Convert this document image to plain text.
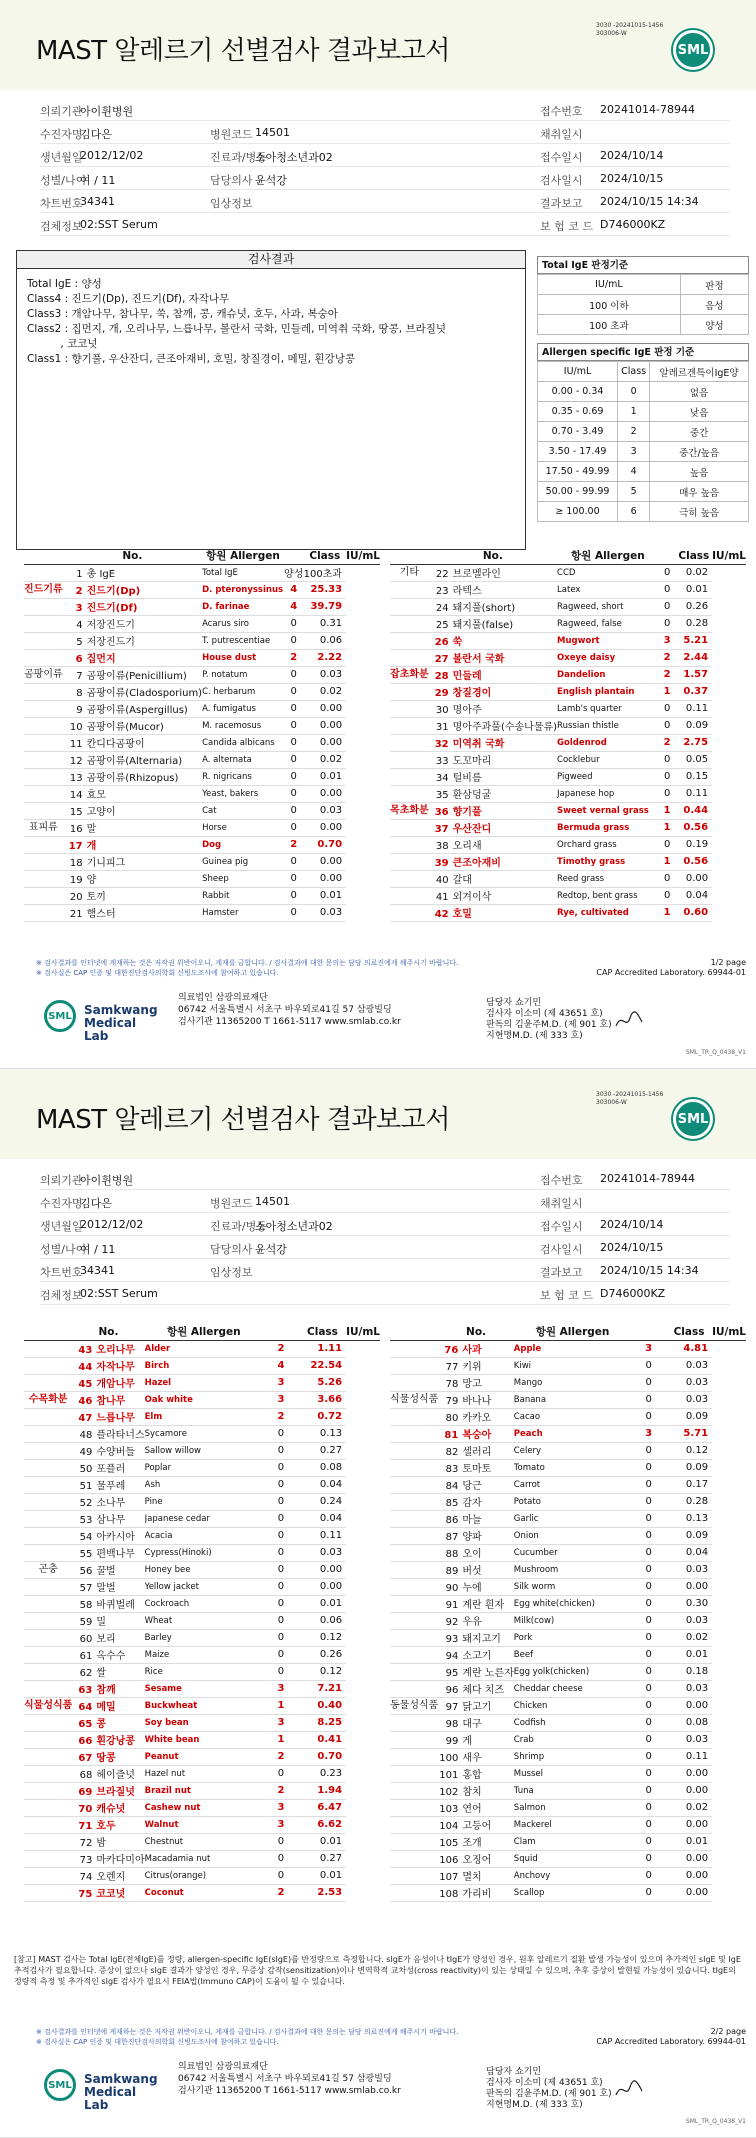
MAST 알레르기 선별검사 결과보고서
3030 -20241015-1456
303006-W
SML
의뢰기관
아이휜병원	접수번호 20241014-78944
수진자명
김다은	병원코드 14501	채취일시
생년월일
2012/12/02	진료과/병동
소아청소년과02	접수일시 2024/10/14
성별/나이
여 / 11	담당의사 윤석강	검사일시 2024/10/15
차트번호
34341	임상정보	결과보고 2024/10/15 14:34
검체정보
02:SST Serum	보 험 코 드 D746000KZ
검사결과
Total IgE : 양성
Class4 : 진드기(Dp), 진드기(Df), 자작나무
Class3 : 개암나무, 참나무, 쑥, 참깨, 콩, 캐슈넛, 호두, 사과, 복숭아
Class2 : 집먼지, 개, 오리나무, 느릅나무, 볼란서 국화, 민들레, 미역취 국화, 땅콩, 브라질넛
, 코코넛
Class1 : 향기풀, 우산잔디, 큰조아재비, 호밀, 창질경이, 메밀, 흰강낭콩
Total IgE 판정기준
IU/mL	판정
100 이하	음성
100 초과	양성
Allergen specific IgE 판정 기준
IU/mL	Class	알레르겐특이IgE양
0.00 - 0.34	0	없음
0.35 - 0.69	1	낮음
0.70 - 3.49	2	중간
3.50 - 17.49	3	중간/높음
17.50 - 49.99	4	높음
50.00 - 99.99	5	매우 높음
≥ 100.00	6	극히 높음
	No.	항원 Allergen		Class	IU/mL
	1 총 IgE	Total IgE	양성	100초과	
진드기류	2 진드기(Dp)	D. pteronyssinus	4	25.33	
	3 진드기(Df)	D. farinae	4	39.79	
	4 저장진드기	Acarus siro	0	0.31	
	5 저장진드기	T. putrescentiae	0	0.06	
	6 집먼지	House dust	2	2.22	
곰팡이류	7 곰팡이류(Penicillium)	P. notatum	0	0.03	
	8 곰팡이류(Cladosporium)	C. herbarum	0	0.02	
	9 곰팡이류(Aspergillus)	A. fumigatus	0	0.00	
	10 곰팡이류(Mucor)	M. racemosus	0	0.00	
	11 칸디다곰팡이	Candida albicans	0	0.00	
	12 곰팡이류(Alternaria)	A. alternata	0	0.02	
	13 곰팡이류(Rhizopus)	R. nigricans	0	0.01	
	14 효모	Yeast, bakers	0	0.00	
	15 고양이	Cat	0	0.03	
표피류	16 말	Horse	0	0.00	
	17 개	Dog	2	0.70	
	18 기니피그	Guinea pig	0	0.00	
	19 양	Sheep	0	0.00	
	20 토끼	Rabbit	0	0.01	
	21 햄스터	Hamster	0	0.03	
	No.	항원 Allergen		Class	IU/mL
기타	22 브로멜라인	CCD	0	0.02	
	23 라텍스	Latex	0	0.01	
	24 돼지풀(short)	Ragweed, short	0	0.26	
	25 돼지풀(false)	Ragweed, false	0	0.28	
	26 쑥	Mugwort	3	5.21	
	27 볼란서 국화	Oxeye daisy	2	2.44	
잡초화분	28 민들레	Dandelion	2	1.57	
	29 창질경이	English plantain	1	0.37	
	30 명아주	Lamb's quarter	0	0.11	
	31 명아주과풀(수송나물류)	Russian thistle	0	0.09	
	32 미역취 국화	Goldenrod	2	2.75	
	33 도꼬마리	Cocklebur	0	0.05	
	34 털비름	Pigweed	0	0.15	
	35 환삼덩굴	Japanese hop	0	0.11	
목초화분	36 향기풀	Sweet vernal grass	1	0.44	
	37 우산잔디	Bermuda grass	1	0.56	
	38 오리새	Orchard grass	0	0.19	
	39 큰조아재비	Timothy grass	1	0.56	
	40 갈대	Reed grass	0	0.00	
	41 외겨이삭	Redtop, bent grass	0	0.04	
	42 호밀	Rye, cultivated	1	0.60	
※ 검사결과를 인터넷에 게재하는 것은 저작권 위반이오니, 게재를 금합니다. / 검사결과에 대한 문의는 담당 의료진에게 해주시기 바랍니다.
※ 검사실은 CAP 인증 및 대한진단검사의학회 신빙도조사에 참여하고 있습니다.
1/2 page
CAP Accredited Laboratory. 69944-01
SML	Samkwang
Medical Lab
의료법인 삼광의료재단
06742 서울특별시 서초구 바우뫼로41길 57 삼광빌딩
검사기관 11365200 T 1661-5117 www.smlab.co.kr
담당자 쇼기민
검사자 이소미 (제 43651 호)
판독의 김윤주M.D. (제 901 호)
지현명M.D. (제 333 호)
SML_TR_Q_0438_V1
MAST 알레르기 선별검사 결과보고서
3030 -20241015-1456
303006-W
SML
의뢰기관
아이휜병원	접수번호 20241014-78944
수진자명
김다은	병원코드 14501	채취일시
생년월일
2012/12/02	진료과/병동
소아청소년과02	접수일시 2024/10/14
성별/나이
여 / 11	담당의사 윤석강	검사일시 2024/10/15
차트번호
34341	임상정보	결과보고 2024/10/15 14:34
검체정보
02:SST Serum	보 험 코 드 D746000KZ
	No.	항원 Allergen		Class	IU/mL
	43 오리나무	Alder	2	1.11	
	44 자작나무	Birch	4	22.54	
	45 개암나무	Hazel	3	5.26	
수목화분	46 참나무	Oak white	3	3.66	
	47 느릅나무	Elm	2	0.72	
	48 플라타너스	Sycamore	0	0.13	
	49 수양버들	Sallow willow	0	0.27	
	50 포플러	Poplar	0	0.08	
	51 물푸레	Ash	0	0.04	
	52 소나무	Pine	0	0.24	
	53 삼나무	Japanese cedar	0	0.04	
	54 아카시아	Acacia	0	0.11	
	55 편백나무	Cypress(Hinoki)	0	0.03	
곤충	56 꿀벌	Honey bee	0	0.00	
	57 말벌	Yellow jacket	0	0.00	
	58 바퀴벌레	Cockroach	0	0.01	
	59 밀	Wheat	0	0.06	
	60 보리	Barley	0	0.12	
	61 옥수수	Maize	0	0.26	
	62 쌀	Rice	0	0.12	
	63 참깨	Sesame	3	7.21	
식물성식품	64 메밀	Buckwheat	1	0.40	
	65 콩	Soy bean	3	8.25	
	66 흰강낭콩	White bean	1	0.41	
	67 땅콩	Peanut	2	0.70	
	68 헤이즐넛	Hazel nut	0	0.23	
	69 브라질넛	Brazil nut	2	1.94	
	70 캐슈넛	Cashew nut	3	6.47	
	71 호두	Walnut	3	6.62	
	72 밤	Chestnut	0	0.01	
	73 마카다미아	Macadamia nut	0	0.27	
	74 오렌지	Citrus(orange)	0	0.01	
	75 코코넛	Coconut	2	2.53	
	No.	항원 Allergen		Class	IU/mL
	76 사과	Apple	3	4.81	
	77 키위	Kiwi	0	0.03	
	78 망고	Mango	0	0.03	
식물성식품	79 바나나	Banana	0	0.03	
	80 카카오	Cacao	0	0.09	
	81 복숭아	Peach	3	5.71	
	82 셀러리	Celery	0	0.12	
	83 토마토	Tomato	0	0.09	
	84 당근	Carrot	0	0.17	
	85 감자	Potato	0	0.28	
	86 마늘	Garlic	0	0.13	
	87 양파	Onion	0	0.09	
	88 오이	Cucumber	0	0.04	
	89 버섯	Mushroom	0	0.03	
	90 누에	Silk worm	0	0.00	
	91 계란 흰자	Egg white(chicken)	0	0.30	
	92 우유	Milk(cow)	0	0.03	
	93 돼지고기	Pork	0	0.02	
	94 소고기	Beef	0	0.01	
	95 계란 노른자	Egg yolk(chicken)	0	0.18	
	96 체다 치즈	Cheddar cheese	0	0.03	
동물성식품	97 닭고기	Chicken	0	0.00	
	98 대구	Codfish	0	0.08	
	99 게	Crab	0	0.03	
	100 새우	Shrimp	0	0.11	
	101 홍합	Mussel	0	0.00	
	102 참치	Tuna	0	0.00	
	103 연어	Salmon	0	0.02	
	104 고등어	Mackerel	0	0.00	
	105 조개	Clam	0	0.01	
	106 오징어	Squid	0	0.00	
	107 멸치	Anchovy	0	0.00	
	108 가리비	Scallop	0	0.00	
[참고] MAST 검사는 Total IgE(전체IgE)를 정량, allergen-specific IgE(sIgE)를 반정량으로 측정합니다. sIgE가 음성이나 tIgE가 양성인 경우, 원후 알레르기 질환 발생 가능성이 있으며 추가적인 sIgE 및 IgE 추적검사가 필요합니다. 증상이 없으나 sIgE 결과가 양성인 경우, 무증상 감작(sensitization)이나 변역학적 교차성(cross reactivity)이 있는 상태일 수 있으며, 추후 증상이 발현될 가능성이 있습니다. tIgE의 정량적 측정 및 추가적인 sIgE 검사가 필요시 FEIA법(Immuno CAP)이 도움이 될 수 있습니다.
※ 검사결과를 인터넷에 게재하는 것은 저작권 위반이오니, 게재를 금합니다. / 검사결과에 대한 문의는 담당 의료진에게 해주시기 바랍니다.
※ 검사실은 CAP 인증 및 대한진단검사의학회 신빙도조사에 참여하고 있습니다.
2/2 page
CAP Accredited Laboratory. 69944-01
SML	Samkwang
Medical Lab
의료법인 삼광의료재단
06742 서울특별시 서초구 바우뫼로41길 57 삼광빌딩
검사기관 11365200 T 1661-5117 www.smlab.co.kr
담당자 쇼기민
검사자 이소미 (제 43651 호)
판독의 김윤주M.D. (제 901 호)
지현명M.D. (제 333 호)
SML_TR_Q_0438_V1
